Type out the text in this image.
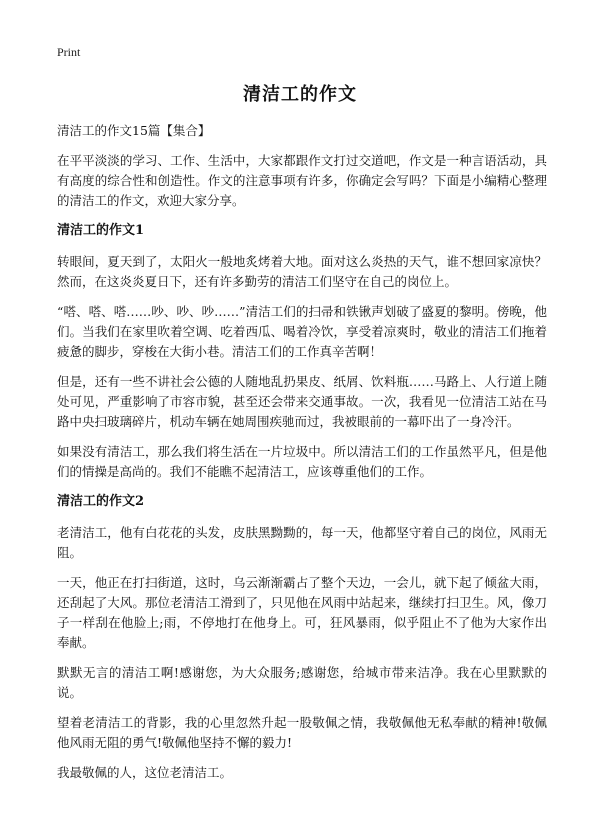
Print
清洁工的作文

清洁工的作文15篇【集合】

在平平淡淡的学习、工作、生活中，大家都跟作文打过交道吧，作文是一种言语活动，具有高度的综合性和创造性。作文的注意事项有许多，你确定会写吗？下面是小编精心整理的清洁工的作文，欢迎大家分享。

清洁工的作文1

转眼间，夏天到了，太阳火一般地炙烤着大地。面对这么炎热的天气，谁不想回家凉快？然而，在这炎炎夏日下，还有许多勤劳的清洁工们坚守在自己的岗位上。

“嗒、嗒、嗒……吵、吵、吵……”清洁工们的扫帚和铁锹声划破了盛夏的黎明。傍晚，他们。当我们在家里吹着空调、吃着西瓜、喝着冷饮，享受着凉爽时，敬业的清洁工们拖着疲惫的脚步，穿梭在大街小巷。清洁工们的工作真辛苦啊！

但是，还有一些不讲社会公德的人随地乱扔果皮、纸屑、饮料瓶……马路上、人行道上随处可见，严重影响了市容市貌，甚至还会带来交通事故。一次，我看见一位清洁工站在马路中央扫玻璃碎片，机动车辆在她周围疾驰而过，我被眼前的一幕吓出了一身冷汗。

如果没有清洁工，那么我们将生活在一片垃圾中。所以清洁工们的工作虽然平凡，但是他们的情操是高尚的。我们不能瞧不起清洁工，应该尊重他们的工作。

清洁工的作文2

老清洁工，他有白花花的头发，皮肤黑黝黝的，每一天，他都坚守着自己的岗位，风雨无阻。

一天，他正在打扫街道，这时，乌云渐渐霸占了整个天边，一会儿，就下起了倾盆大雨，还刮起了大风。那位老清洁工滑到了，只见他在风雨中站起来，继续打扫卫生。风，像刀子一样刮在他脸上;雨，不停地打在他身上。可，狂风暴雨，似乎阻止不了他为大家作出奉献。

默默无言的清洁工啊!感谢您，为大众服务;感谢您，给城市带来洁净。我在心里默默的说。

望着老清洁工的背影，我的心里忽然升起一股敬佩之情，我敬佩他无私奉献的精神!敬佩他风雨无阻的勇气!敬佩他坚持不懈的毅力!

我最敬佩的人，这位老清洁工。
